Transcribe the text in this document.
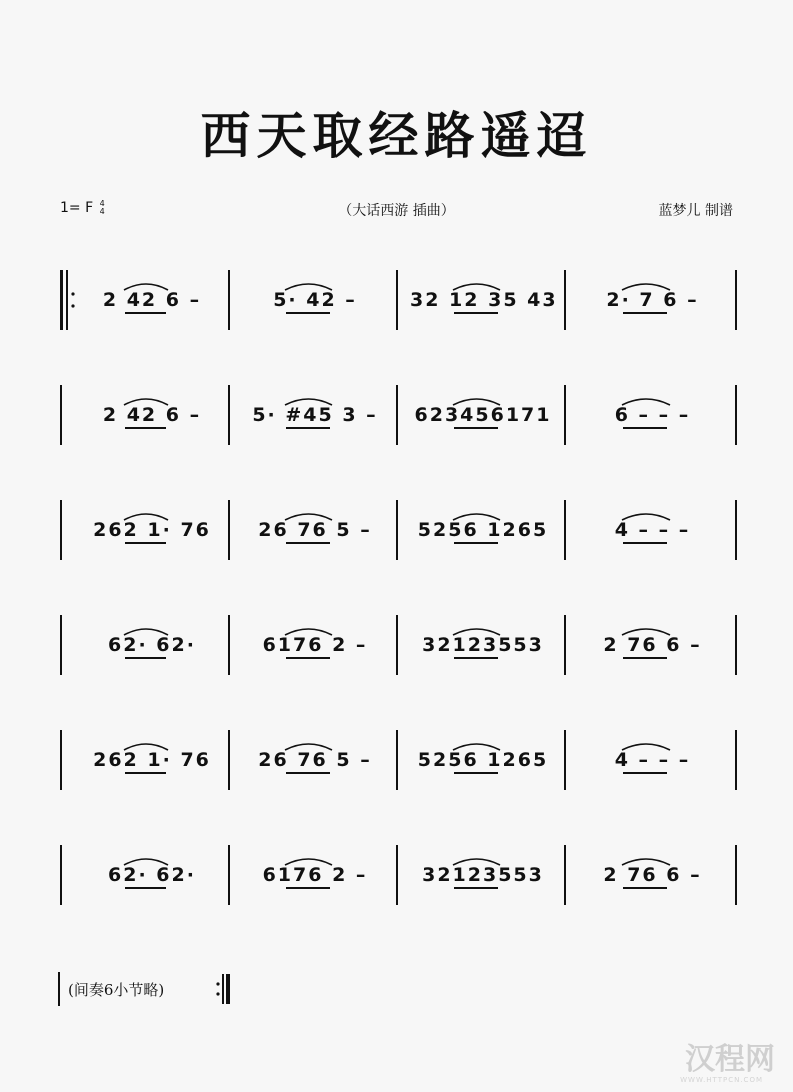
西天取经路遥迢
1= F 4
4	（大话西游 插曲）	蓝梦儿 制谱
2 42 6 –	5· 42 –	32 12 35 43	2· 7 6 –
2 42 6 –	5· #45 3 –	623456171	6 – – –
262 1· 76	26 76 5 –	5256 1265	4 – – –
62· 62·	6176 2 –	32123553	2 76 6 –
262 1· 76	26 76 5 –	5256 1265	4 – – –
62· 62·	6176 2 –	32123553	2 76 6 –
(间奏6小节略)
汉程网
WWW.HTTPCN.COM
